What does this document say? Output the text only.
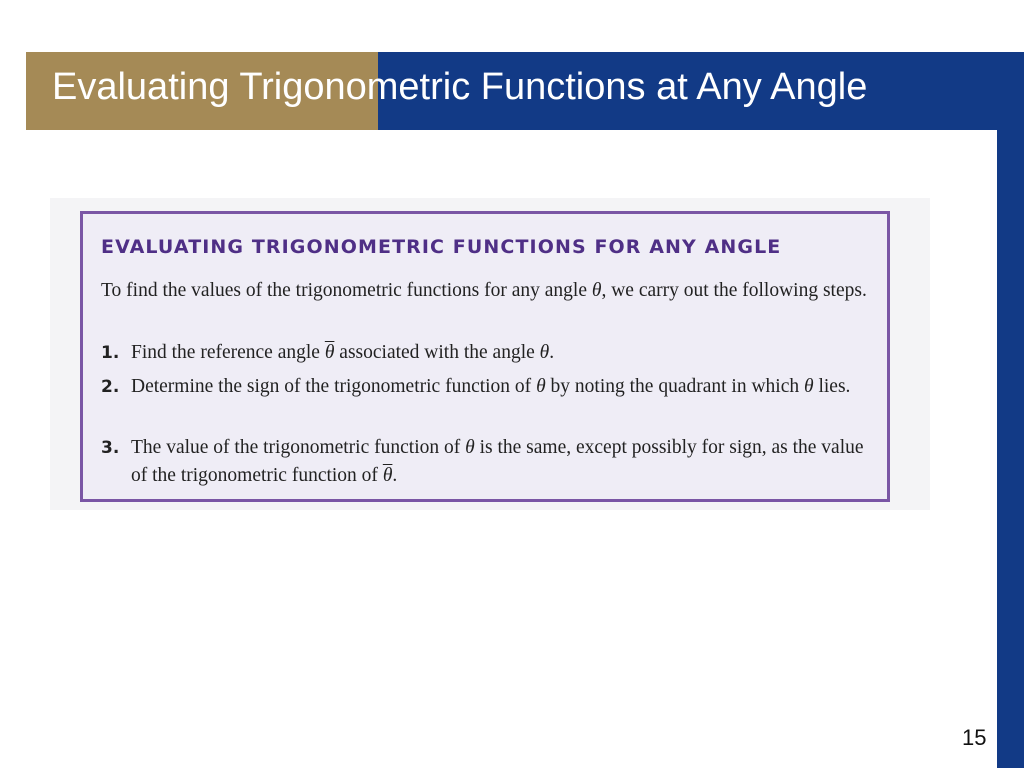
Evaluating Trigonometric Functions at Any Angle
EVALUATING TRIGONOMETRIC FUNCTIONS FOR ANY ANGLE
To find the values of the trigonometric functions for any angle θ, we carry out the following steps.
1. Find the reference angle $\overline{\theta}$ associated with the angle θ.
2. Determine the sign of the trigonometric function of θ by noting the quadrant in which θ lies.
3. The value of the trigonometric function of θ is the same, except possibly for sign, as the value of the trigonometric function of $\overline{\theta}$.
15
